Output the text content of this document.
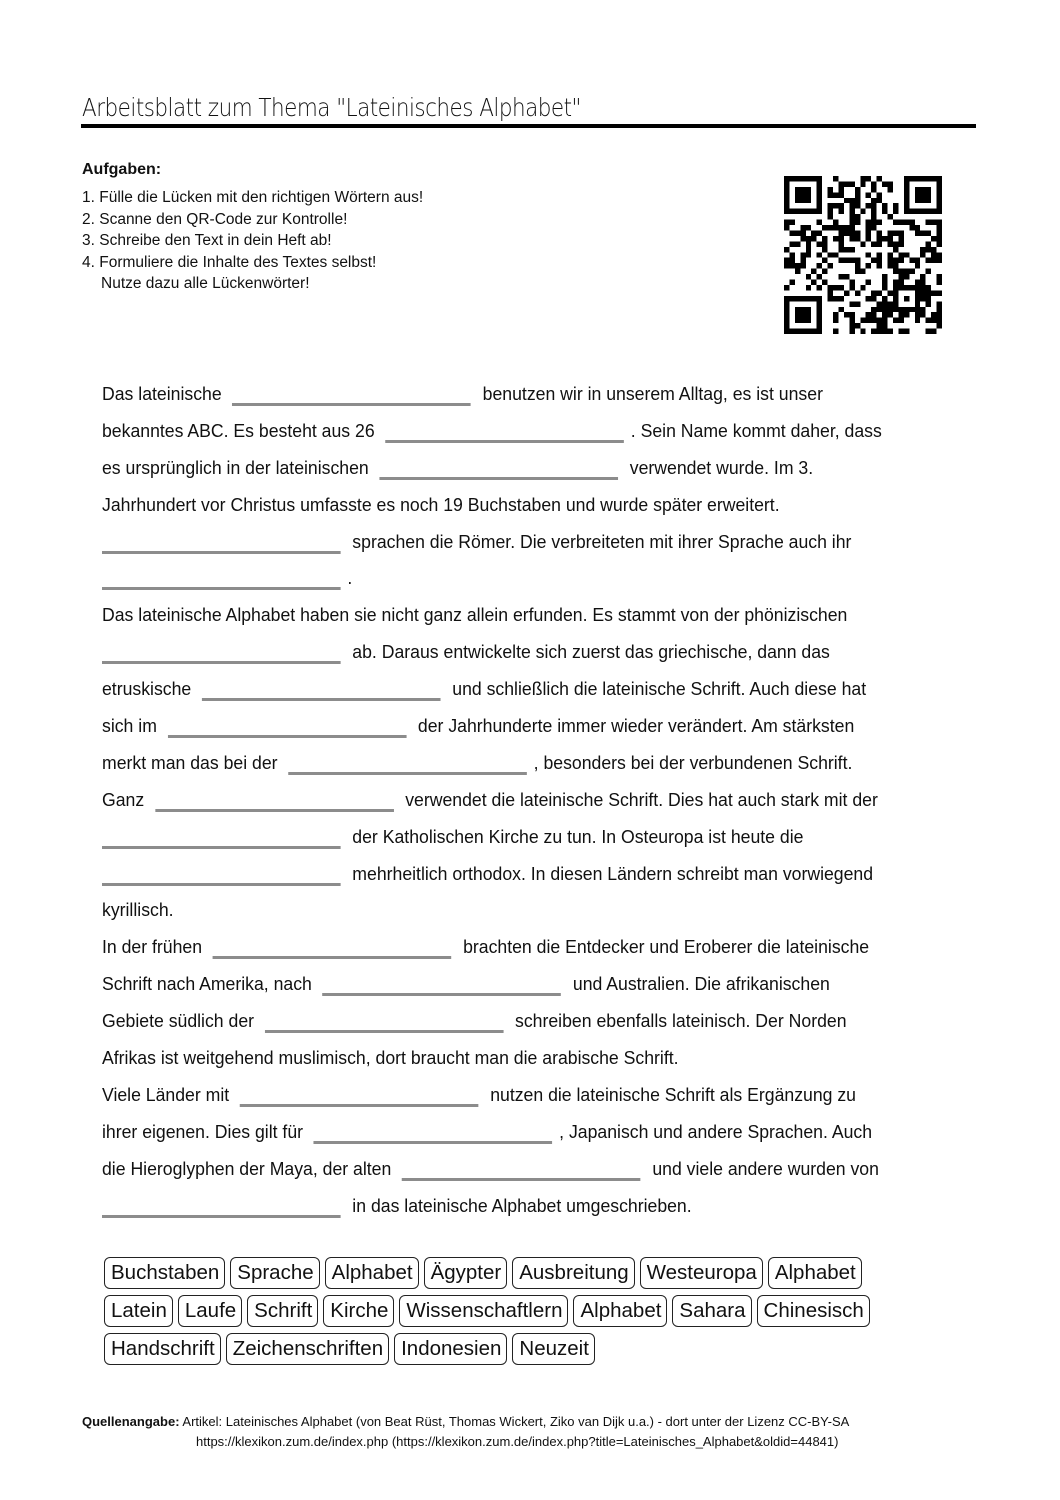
Arbeitsblatt zum Thema "Lateinisches Alphabet"
Aufgaben:
1. Fülle die Lücken mit den richtigen Wörtern aus!
2. Scanne den QR-Code zur Kontrolle!
3. Schreibe den Text in dein Heft ab!
4. Formuliere die Inhalte des Textes selbst!
Nutze dazu alle Lückenwörter!
Das lateinische	benutzen wir in unserem Alltag, es ist unser
bekanntes ABC. Es besteht aus 26	. Sein Name kommt daher, dass
es ursprünglich in der lateinischen	verwendet wurde. Im 3.
Jahrhundert vor Christus umfasste es noch 19 Buchstaben und wurde später erweitert.
sprachen die Römer. Die verbreiteten mit ihrer Sprache auch ihr
.
Das lateinische Alphabet haben sie nicht ganz allein erfunden. Es stammt von der phönizischen
ab. Daraus entwickelte sich zuerst das griechische, dann das
etruskische	und schließlich die lateinische Schrift. Auch diese hat
sich im	der Jahrhunderte immer wieder verändert. Am stärksten
merkt man das bei der	, besonders bei der verbundenen Schrift.
Ganz	verwendet die lateinische Schrift. Dies hat auch stark mit der
der Katholischen Kirche zu tun. In Osteuropa ist heute die
mehrheitlich orthodox. In diesen Ländern schreibt man vorwiegend
kyrillisch.
In der frühen	brachten die Entdecker und Eroberer die lateinische
Schrift nach Amerika, nach	und Australien. Die afrikanischen
Gebiete südlich der	schreiben ebenfalls lateinisch. Der Norden
Afrikas ist weitgehend muslimisch, dort braucht man die arabische Schrift.
Viele Länder mit	nutzen die lateinische Schrift als Ergänzung zu
ihrer eigenen. Dies gilt für	, Japanisch und andere Sprachen. Auch
die Hieroglyphen der Maya, der alten	und viele andere wurden von
in das lateinische Alphabet umgeschrieben.
Buchstaben Sprache Alphabet Ägypter Ausbreitung Westeuropa Alphabet
Latein Laufe Schrift Kirche Wissenschaftlern Alphabet Sahara Chinesisch
Handschrift Zeichenschriften Indonesien Neuzeit
Quellenangabe: Artikel: Lateinisches Alphabet (von Beat Rüst, Thomas Wickert, Ziko van Dijk u.a.) - dort unter der Lizenz CC-BY-SA
https://klexikon.zum.de/index.php (https://klexikon.zum.de/index.php?title=Lateinisches_Alphabet&oldid=44841)
